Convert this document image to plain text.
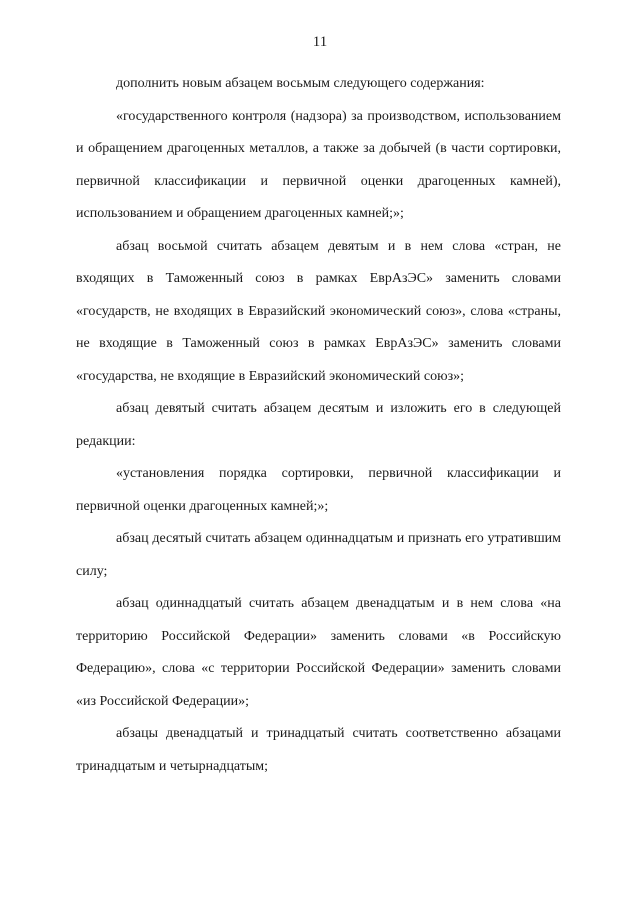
11

дополнить новым абзацем восьмым следующего содержания:

«государственного контроля (надзора) за производством, использованием и обращением драгоценных металлов, а также за добычей (в части сортировки, первичной классификации и первичной оценки драгоценных камней), использованием и обращением драгоценных камней;»;

абзац восьмой считать абзацем девятым и в нем слова «стран, не входящих в Таможенный союз в рамках ЕврАзЭС» заменить словами «государств, не входящих в Евразийский экономический союз», слова «страны, не входящие в Таможенный союз в рамках ЕврАзЭС» заменить словами «государства, не входящие в Евразийский экономический союз»;

абзац девятый считать абзацем десятым и изложить его в следующей редакции:

«установления порядка сортировки, первичной классификации и первичной оценки драгоценных камней;»;

абзац десятый считать абзацем одиннадцатым и признать его утратившим силу;

абзац одиннадцатый считать абзацем двенадцатым и в нем слова «на территорию Российской Федерации» заменить словами «в Российскую Федерацию», слова «с территории Российской Федерации» заменить словами «из Российской Федерации»;

абзацы двенадцатый и тринадцатый считать соответственно абзацами тринадцатым и четырнадцатым;
